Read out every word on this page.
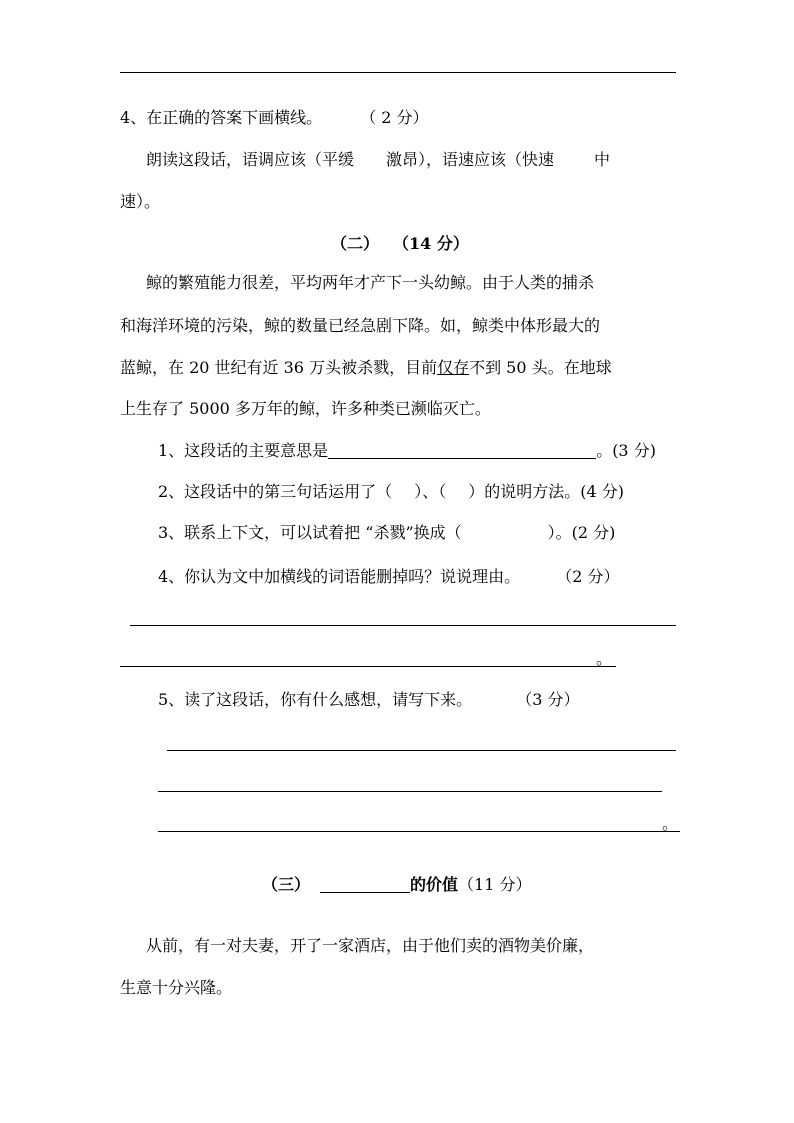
4、在正确的答案下画横线。 （ 2 分）
朗读这段话，语调应该（平缓 激昂），语速应该（快速	中
速）。
（二） （14 分）
鲸的繁殖能力很差，平均两年才产下一头幼鲸。由于人类的捕杀
和海洋环境的污染，鲸的数量已经急剧下降。如，鲸类中体形最大的
蓝鲸，在 20 世纪有近 36 万头被杀戮，目前仅存不到 50 头。在地球
上生存了 5000 多万年的鲸，许多种类已濒临灭亡。
1、这段话的主要意思是	。(3 分)
2、这段话中的第三句话运用了（ ）、（ ）的说明方法。(4 分)
3、联系上下文，可以试着把 “杀戮”换成（	）。(2 分)
4、你认为文中加横线的词语能删掉吗？说说理由。 （2 分）
。
5、读了这段话，你有什么感想，请写下来。	（3 分）
。
（三）	的价值（11 分）
从前，有一对夫妻，开了一家酒店，由于他们卖的酒物美价廉，
生意十分兴隆。
